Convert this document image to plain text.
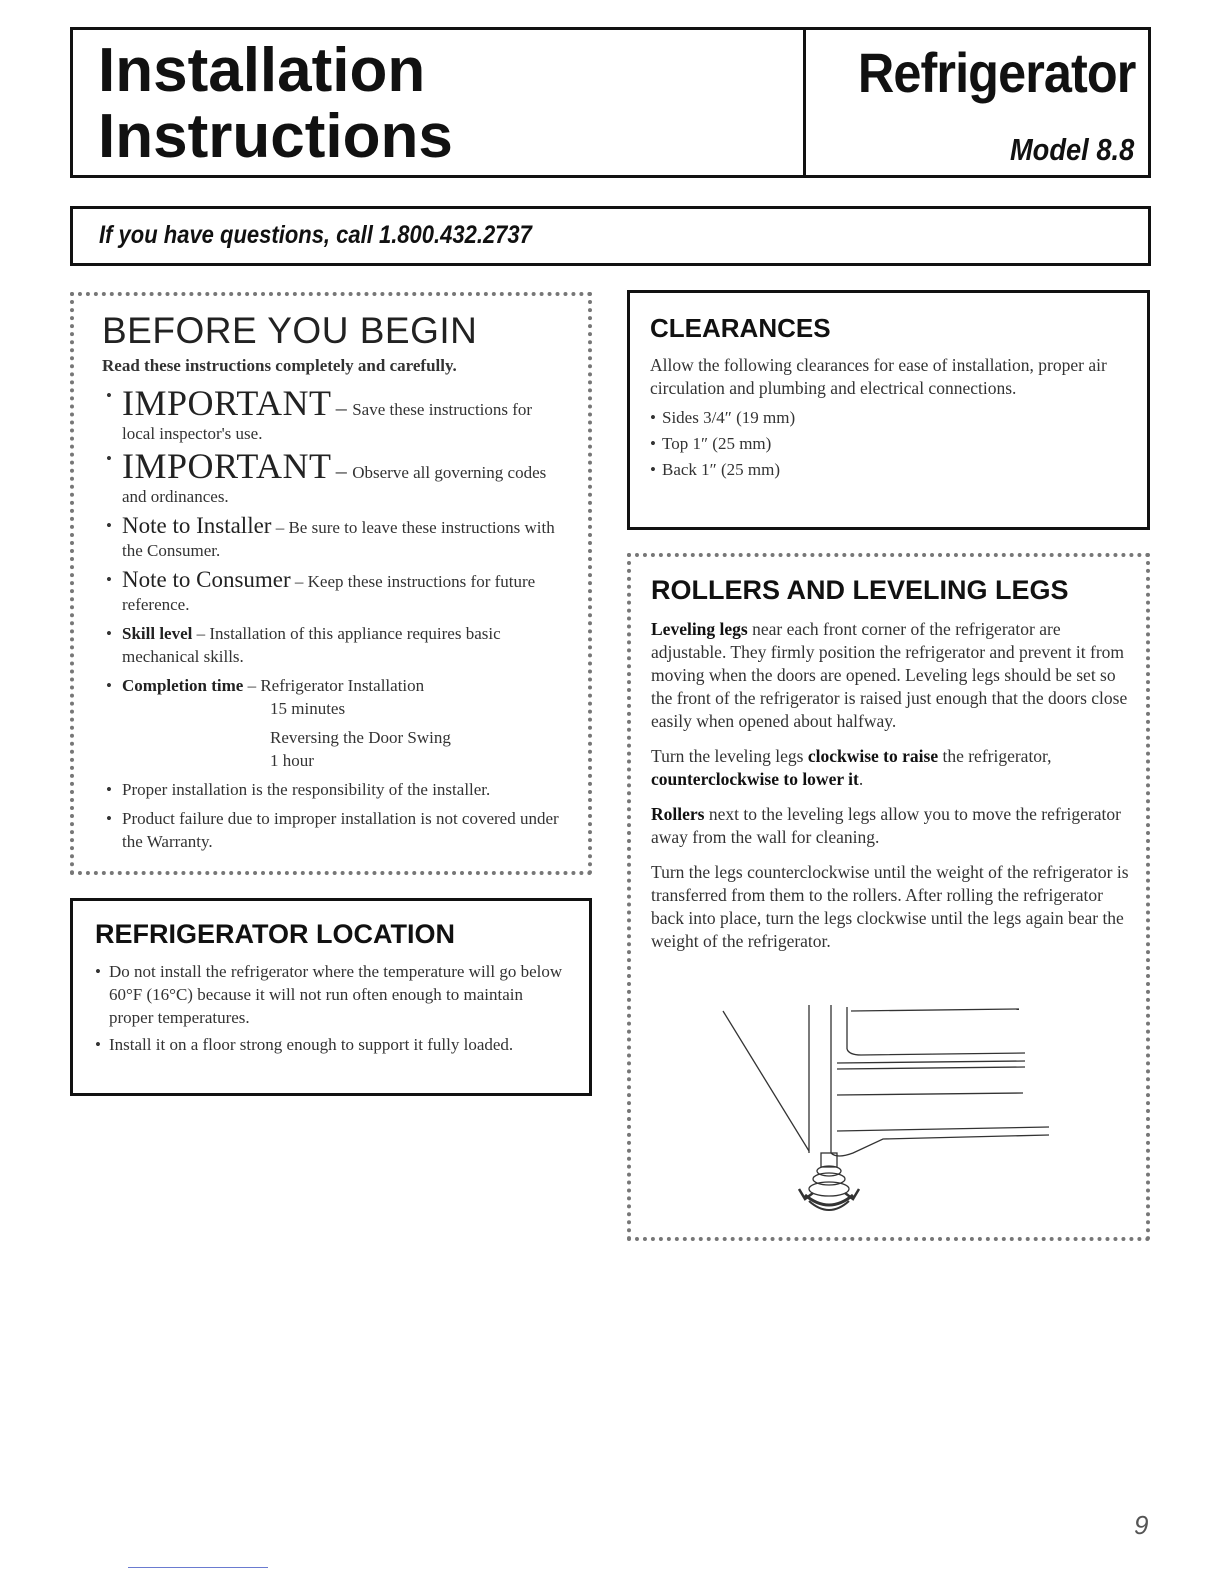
Installation
Instructions
Refrigerator
Model 8.8
If you have questions, call 1.800.432.2737
BEFORE YOU BEGIN
Read these instructions completely and carefully.
• IMPORTANT – Save these instructions for local inspector's use.
• IMPORTANT – Observe all governing codes and ordinances.
• Note to Installer – Be sure to leave these instructions with the Consumer.
• Note to Consumer – Keep these instructions for future reference.
• Skill level – Installation of this appliance requires basic mechanical skills.
• Completion time – Refrigerator Installation
15 minutes
Reversing the Door Swing
1 hour
• Proper installation is the responsibility of the installer.
• Product failure due to improper installation is not covered under the Warranty.
REFRIGERATOR LOCATION
• Do not install the refrigerator where the temperature will go below 60°F (16°C) because it will not run often enough to maintain proper temperatures.
• Install it on a floor strong enough to support it fully loaded.
CLEARANCES

Allow the following clearances for ease of installation, proper air circulation and plumbing and electrical connections.

• Sides 3/4″ (19 mm)
• Top 1″ (25 mm)
• Back 1″ (25 mm)
ROLLERS AND LEVELING LEGS

Leveling legs near each front corner of the refrigerator are adjustable. They firmly position the refrigerator and prevent it from moving when the doors are opened. Leveling legs should be set so the front of the refrigerator is raised just enough that the doors close easily when opened about halfway.

Turn the leveling legs clockwise to raise the refrigerator, counterclockwise to lower it.

Rollers next to the leveling legs allow you to move the refrigerator away from the wall for cleaning.

Turn the legs counterclockwise until the weight of the refrigerator is transferred from them to the rollers. After rolling the refrigerator back into place, turn the legs clockwise until the legs again bear the weight of the refrigerator.

9
